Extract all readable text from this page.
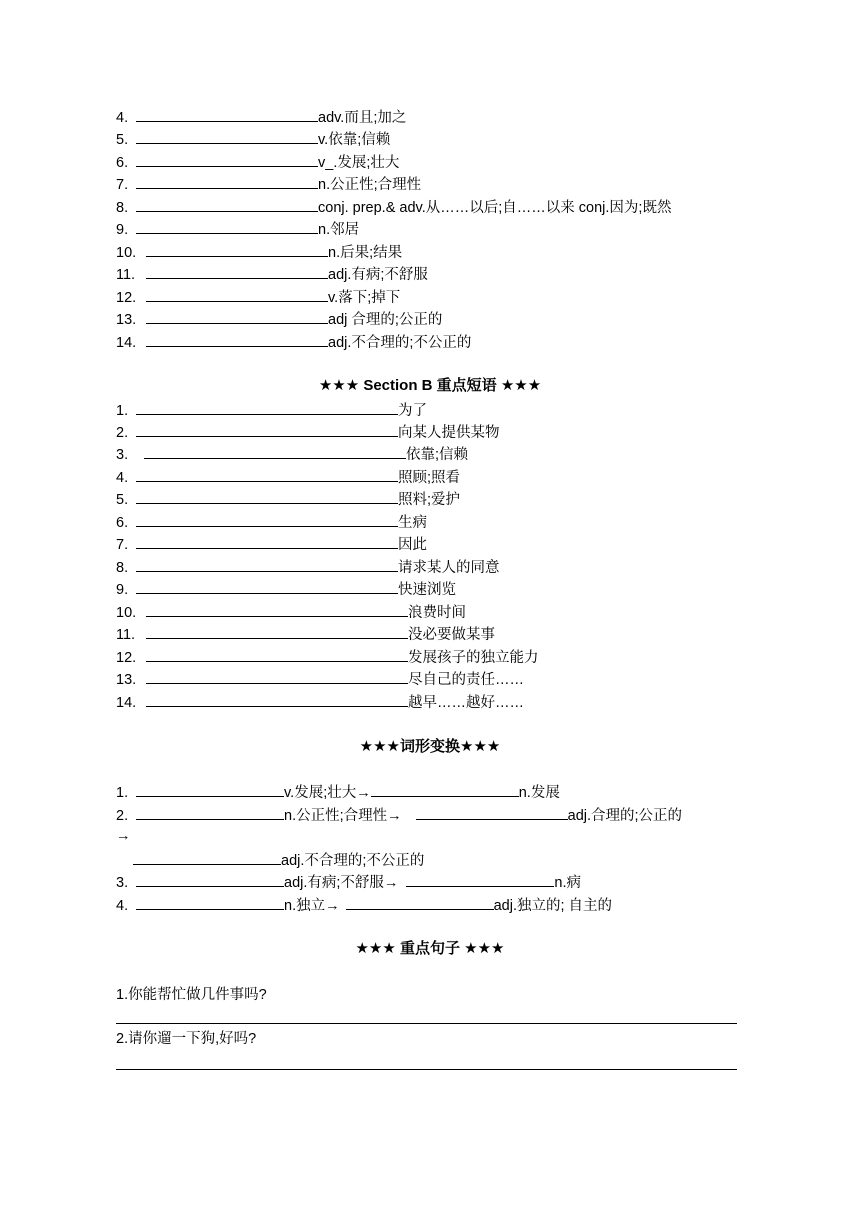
4.	adv.而且;加之
5.	v.依靠;信赖
6.	v_.发展;壮大
7.	n.公正性;合理性
8.	conj. prep.& adv.从……以后;自……以来 conj.因为;既然
9.	n.邻居
10.	n.后果;结果
11.	adj.有病;不舒服
12.	v.落下;掉下
13.	adj 合理的;公正的
14.	adj.不合理的;不公正的
★★★ Section B 重点短语 ★★★
1.	为了
2.	向某人提供某物
3.	依靠;信赖
4.	照顾;照看
5.	照料;爱护
6.	生病
7.	因此
8.	请求某人的同意
9.	快速浏览
10.	浪费时间
11.	没必要做某事
12.	发展孩子的独立能力
13.	尽自己的责任……
14.	越早……越好……
★★★词形变换★★★
1.	v.发展;壮大→	n.发展
2.	n.公正性;合理性→	adj.合理的;公正的
→
adj.不合理的;不公正的
3.	adj.有病;不舒服→	n.病
4.	n.独立→	adj.独立的; 自主的
★★★ 重点句子 ★★★
1.你能帮忙做几件事吗?
2.请你遛一下狗,好吗?
